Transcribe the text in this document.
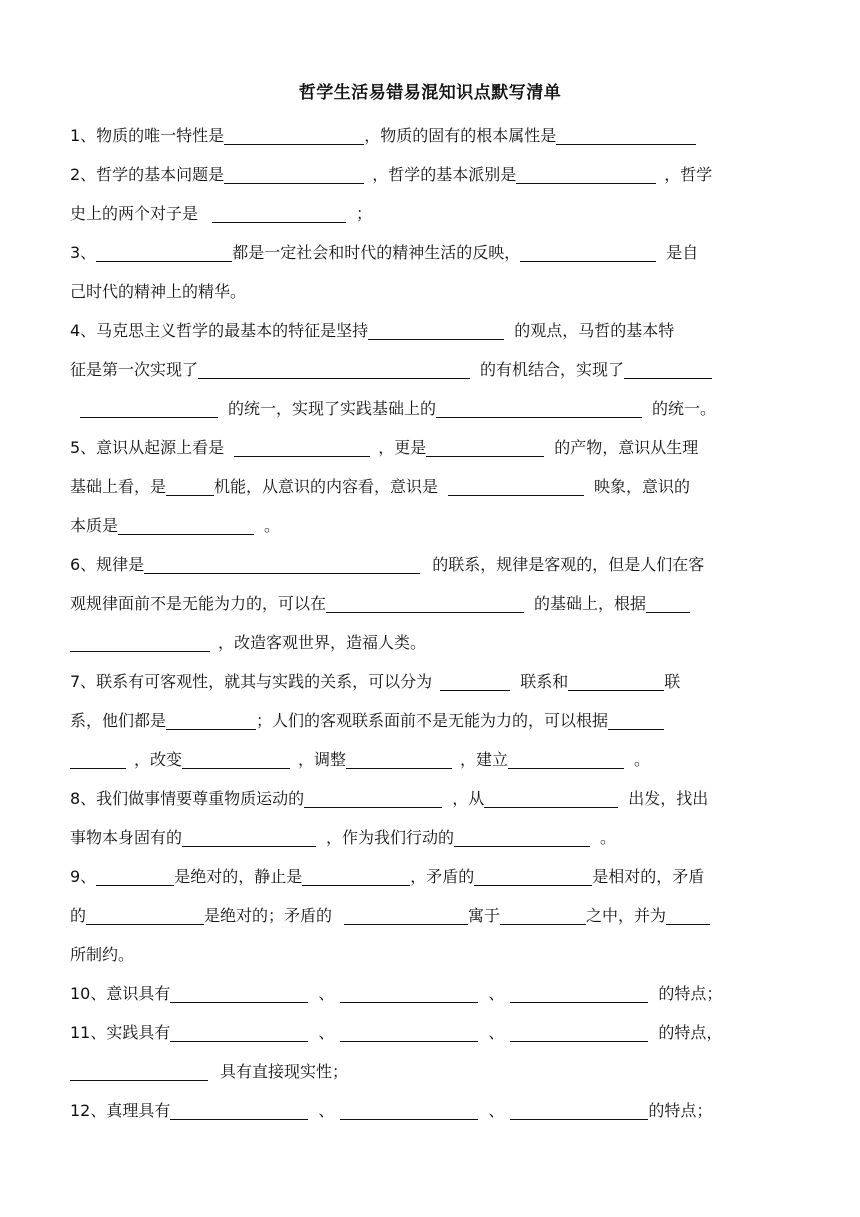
哲学生活易错易混知识点默写清单
1、物质的唯一特性是	，物质的固有的根本属性是
2、哲学的基本问题是	，哲学的基本派别是	，哲学
史上的两个对子是	；
3、	都是一定社会和时代的精神生活的反映，	是自
己时代的精神上的精华。
4、马克思主义哲学的最基本的特征是坚持	的观点，马哲的基本特
征是第一次实现了	的有机结合，实现了
的统一，实现了实践基础上的	的统一。
5、意识从起源上看是	，更是	的产物，意识从生理
基础上看，是	机能，从意识的内容看，意识是	映象，意识的
本质是	。
6、规律是	的联系，规律是客观的，但是人们在客
观规律面前不是无能为力的，可以在	的基础上，根据
，改造客观世界，造福人类。
7、联系有可客观性，就其与实践的关系，可以分为	联系和	联
系，他们都是	；人们的客观联系面前不是无能为力的，可以根据
，改变	，调整	，建立	。
8、我们做事情要尊重物质运动的	，从	出发，找出
事物本身固有的	，作为我们行动的	。
9、	是绝对的，静止是	，矛盾的	是相对的，矛盾
的	是绝对的；矛盾的	寓于	之中，并为
所制约。
10、意识具有	、	、	的特点；
11、实践具有	、	、	的特点，
具有直接现实性；
12、真理具有	、	、	的特点；
